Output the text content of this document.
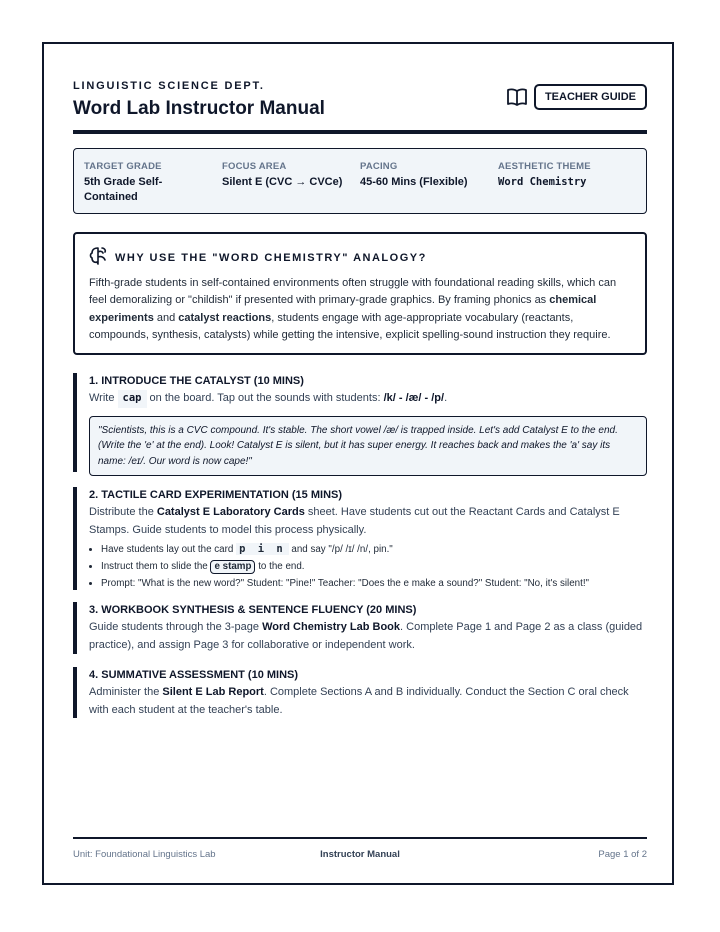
LINGUISTIC SCIENCE DEPT.
Word Lab Instructor Manual
TEACHER GUIDE
TARGET GRADE
5th Grade Self-Contained
FOCUS AREA
Silent E (CVC → CVCe)
PACING
45-60 Mins (Flexible)
AESTHETIC THEME
Word Chemistry
WHY USE THE "WORD CHEMISTRY" ANALOGY?
Fifth-grade students in self-contained environments often struggle with foundational reading skills, which can feel demoralizing or "childish" if presented with primary-grade graphics. By framing phonics as chemical experiments and catalyst reactions, students engage with age-appropriate vocabulary (reactants, compounds, synthesis, catalysts) while getting the intensive, explicit spelling-sound instruction they require.
1. INTRODUCE THE CATALYST (10 MINS)
Write cap on the board. Tap out the sounds with students: /k/ - /æ/ - /p/.
"Scientists, this is a CVC compound. It's stable. The short vowel /æ/ is trapped inside. Let's add Catalyst E to the end. (Write the 'e' at the end). Look! Catalyst E is silent, but it has super energy. It reaches back and makes the 'a' say its name: /eɪ/. Our word is now cape!"
2. TACTILE CARD EXPERIMENTATION (15 MINS)
Distribute the Catalyst E Laboratory Cards sheet. Have students cut out the Reactant Cards and Catalyst E Stamps. Guide students to model this process physically.
• Have students lay out the card p i n and say "/p/ /ɪ/ /n/, pin."
• Instruct them to slide the e stamp to the end.
• Prompt: "What is the new word?" Student: "Pine!" Teacher: "Does the e make a sound?" Student: "No, it's silent!"
3. WORKBOOK SYNTHESIS & SENTENCE FLUENCY (20 MINS)
Guide students through the 3-page Word Chemistry Lab Book. Complete Page 1 and Page 2 as a class (guided practice), and assign Page 3 for collaborative or independent work.
4. SUMMATIVE ASSESSMENT (10 MINS)
Administer the Silent E Lab Report. Complete Sections A and B individually. Conduct the Section C oral check with each student at the teacher's table.
Unit: Foundational Linguistics Lab	Instructor Manual	Page 1 of 2
